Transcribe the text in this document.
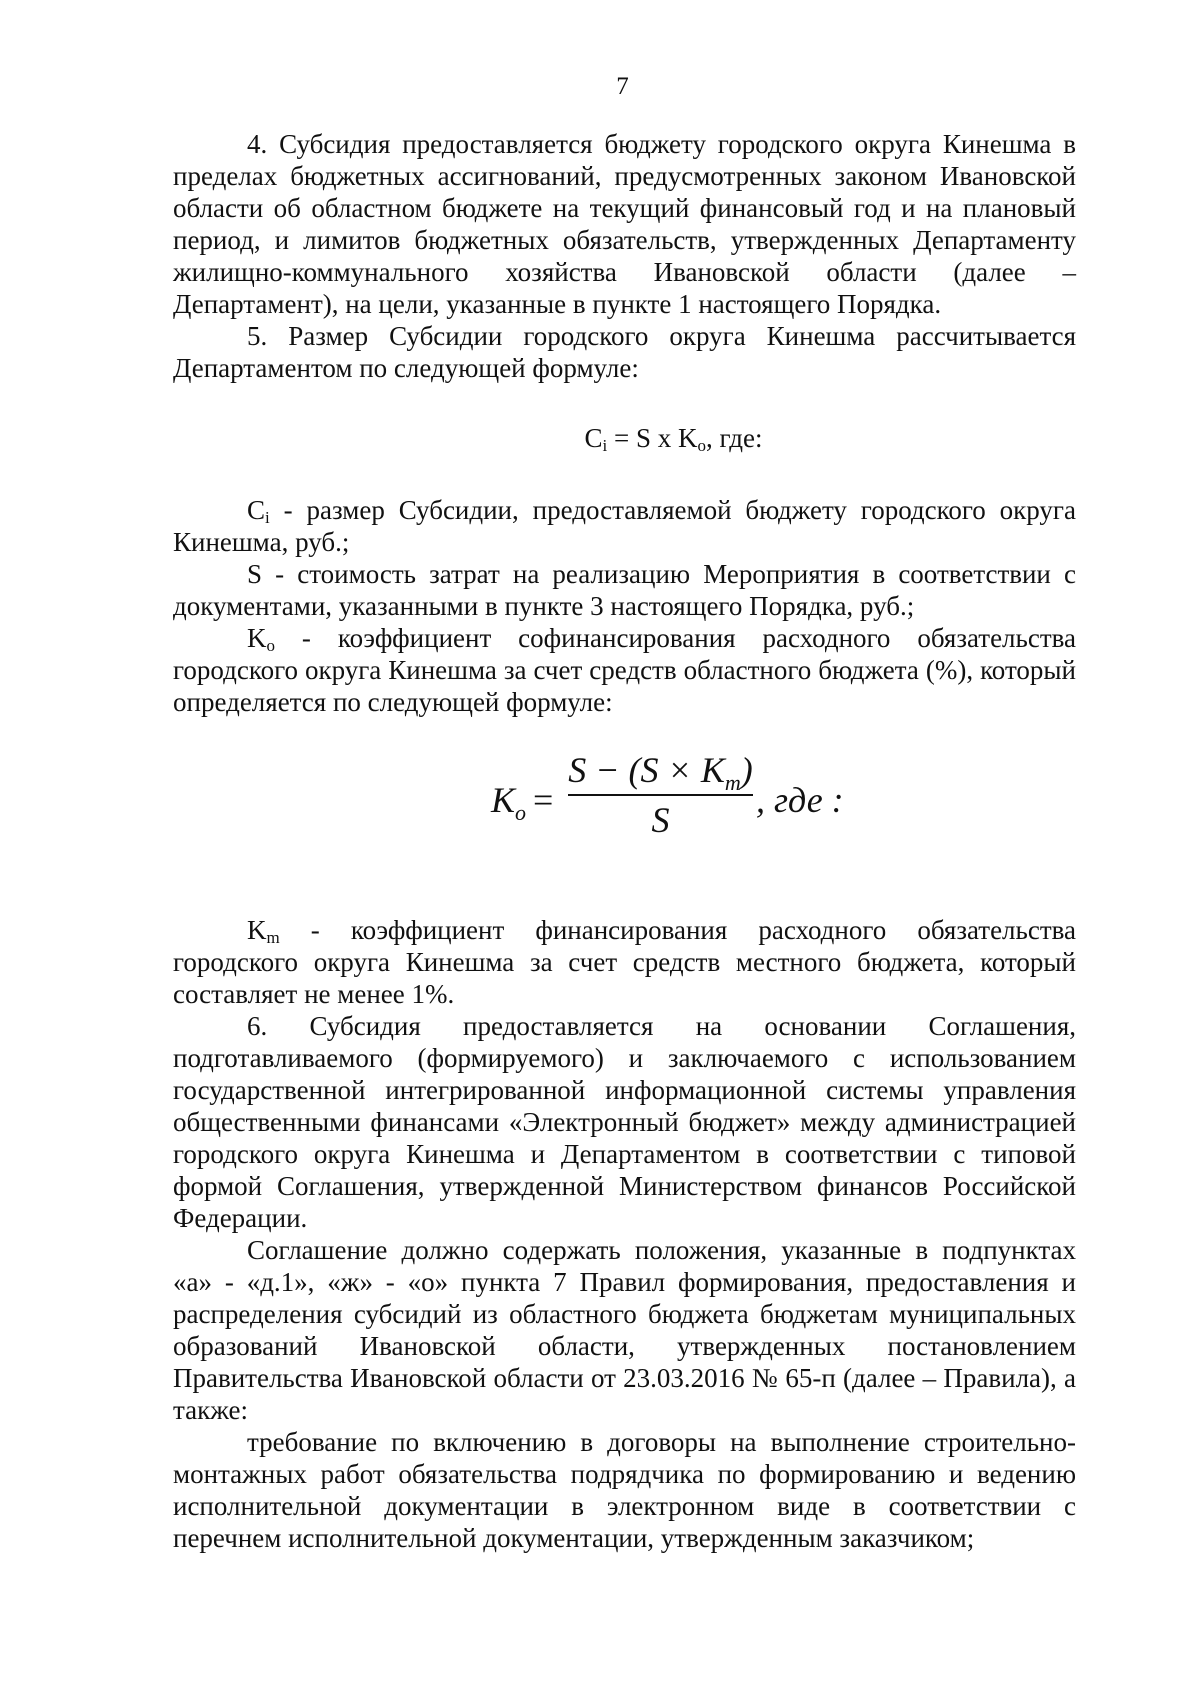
7

4. Субсидия предоставляется бюджету городского округа Кинешма в пределах бюджетных ассигнований, предусмотренных законом Ивановской области об областном бюджете на текущий финансовый год и на плановый период, и лимитов бюджетных обязательств, утвержденных Департаменту жилищно-коммунального хозяйства Ивановской области (далее – Департамент), на цели, указанные в пункте 1 настоящего Порядка.

5. Размер Субсидии городского округа Кинешма рассчитывается Департаментом по следующей формуле:

$C_i = S$ x $K_o$, где:

$C_i$ - размер Субсидии, предоставляемой бюджету городского округа Кинешма, руб.;

S - стоимость затрат на реализацию Мероприятия в соответствии с документами, указанными в пункте 3 настоящего Порядка, руб.;

$K_o$ - коэффициент софинансирования расходного обязательства городского округа Кинешма за счет средств областного бюджета (%), который определяется по следующей формуле:

$K_o$ =
$S - (S \times K_m)$
S	, где :

$K_m$ - коэффициент финансирования расходного обязательства городского округа Кинешма за счет средств местного бюджета, который составляет не менее 1%.

6. Субсидия предоставляется на основании Соглашения, подготавливаемого (формируемого) и заключаемого с использованием государственной интегрированной информационной системы управления общественными финансами «Электронный бюджет» между администрацией городского округа Кинешма и Департаментом в соответствии с типовой формой Соглашения, утвержденной Министерством финансов Российской Федерации.

Соглашение должно содержать положения, указанные в подпунктах «а» - «д.1», «ж» - «о» пункта 7 Правил формирования, предоставления и распределения субсидий из областного бюджета бюджетам муниципальных образований Ивановской области, утвержденных постановлением Правительства Ивановской области от 23.03.2016 № 65-п (далее – Правила), а также:

требование по включению в договоры на выполнение строительно-монтажных работ обязательства подрядчика по формированию и ведению исполнительной документации в электронном виде в соответствии с перечнем исполнительной документации, утвержденным заказчиком;
